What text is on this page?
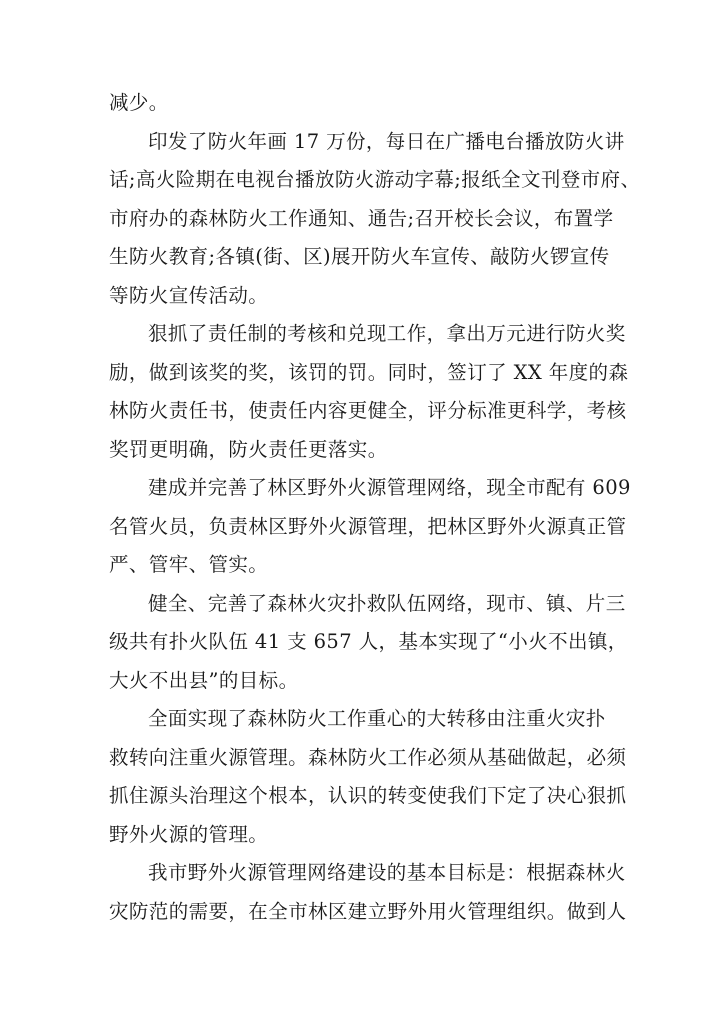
减少。
印发了防火年画 17 万份，每日在广播电台播放防火讲
话;高火险期在电视台播放防火游动字幕;报纸全文刊登市府、
市府办的森林防火工作通知、通告;召开校长会议，布置学
生防火教育;各镇(街、区)展开防火车宣传、敲防火锣宣传
等防火宣传活动。
狠抓了责任制的考核和兑现工作，拿出万元进行防火奖
励，做到该奖的奖，该罚的罚。同时，签订了 XX 年度的森
林防火责任书，使责任内容更健全，评分标准更科学，考核
奖罚更明确，防火责任更落实。
建成并完善了林区野外火源管理网络，现全市配有 609
名管火员，负责林区野外火源管理，把林区野外火源真正管
严、管牢、管实。
健全、完善了森林火灾扑救队伍网络，现市、镇、片三
级共有扑火队伍 41 支 657 人，基本实现了“小火不出镇，
大火不出县”的目标。
全面实现了森林防火工作重心的大转移由注重火灾扑
救转向注重火源管理。森林防火工作必须从基础做起，必须
抓住源头治理这个根本，认识的转变使我们下定了决心狠抓
野外火源的管理。
我市野外火源管理网络建设的基本目标是：根据森林火
灾防范的需要，在全市林区建立野外用火管理组织。做到人
